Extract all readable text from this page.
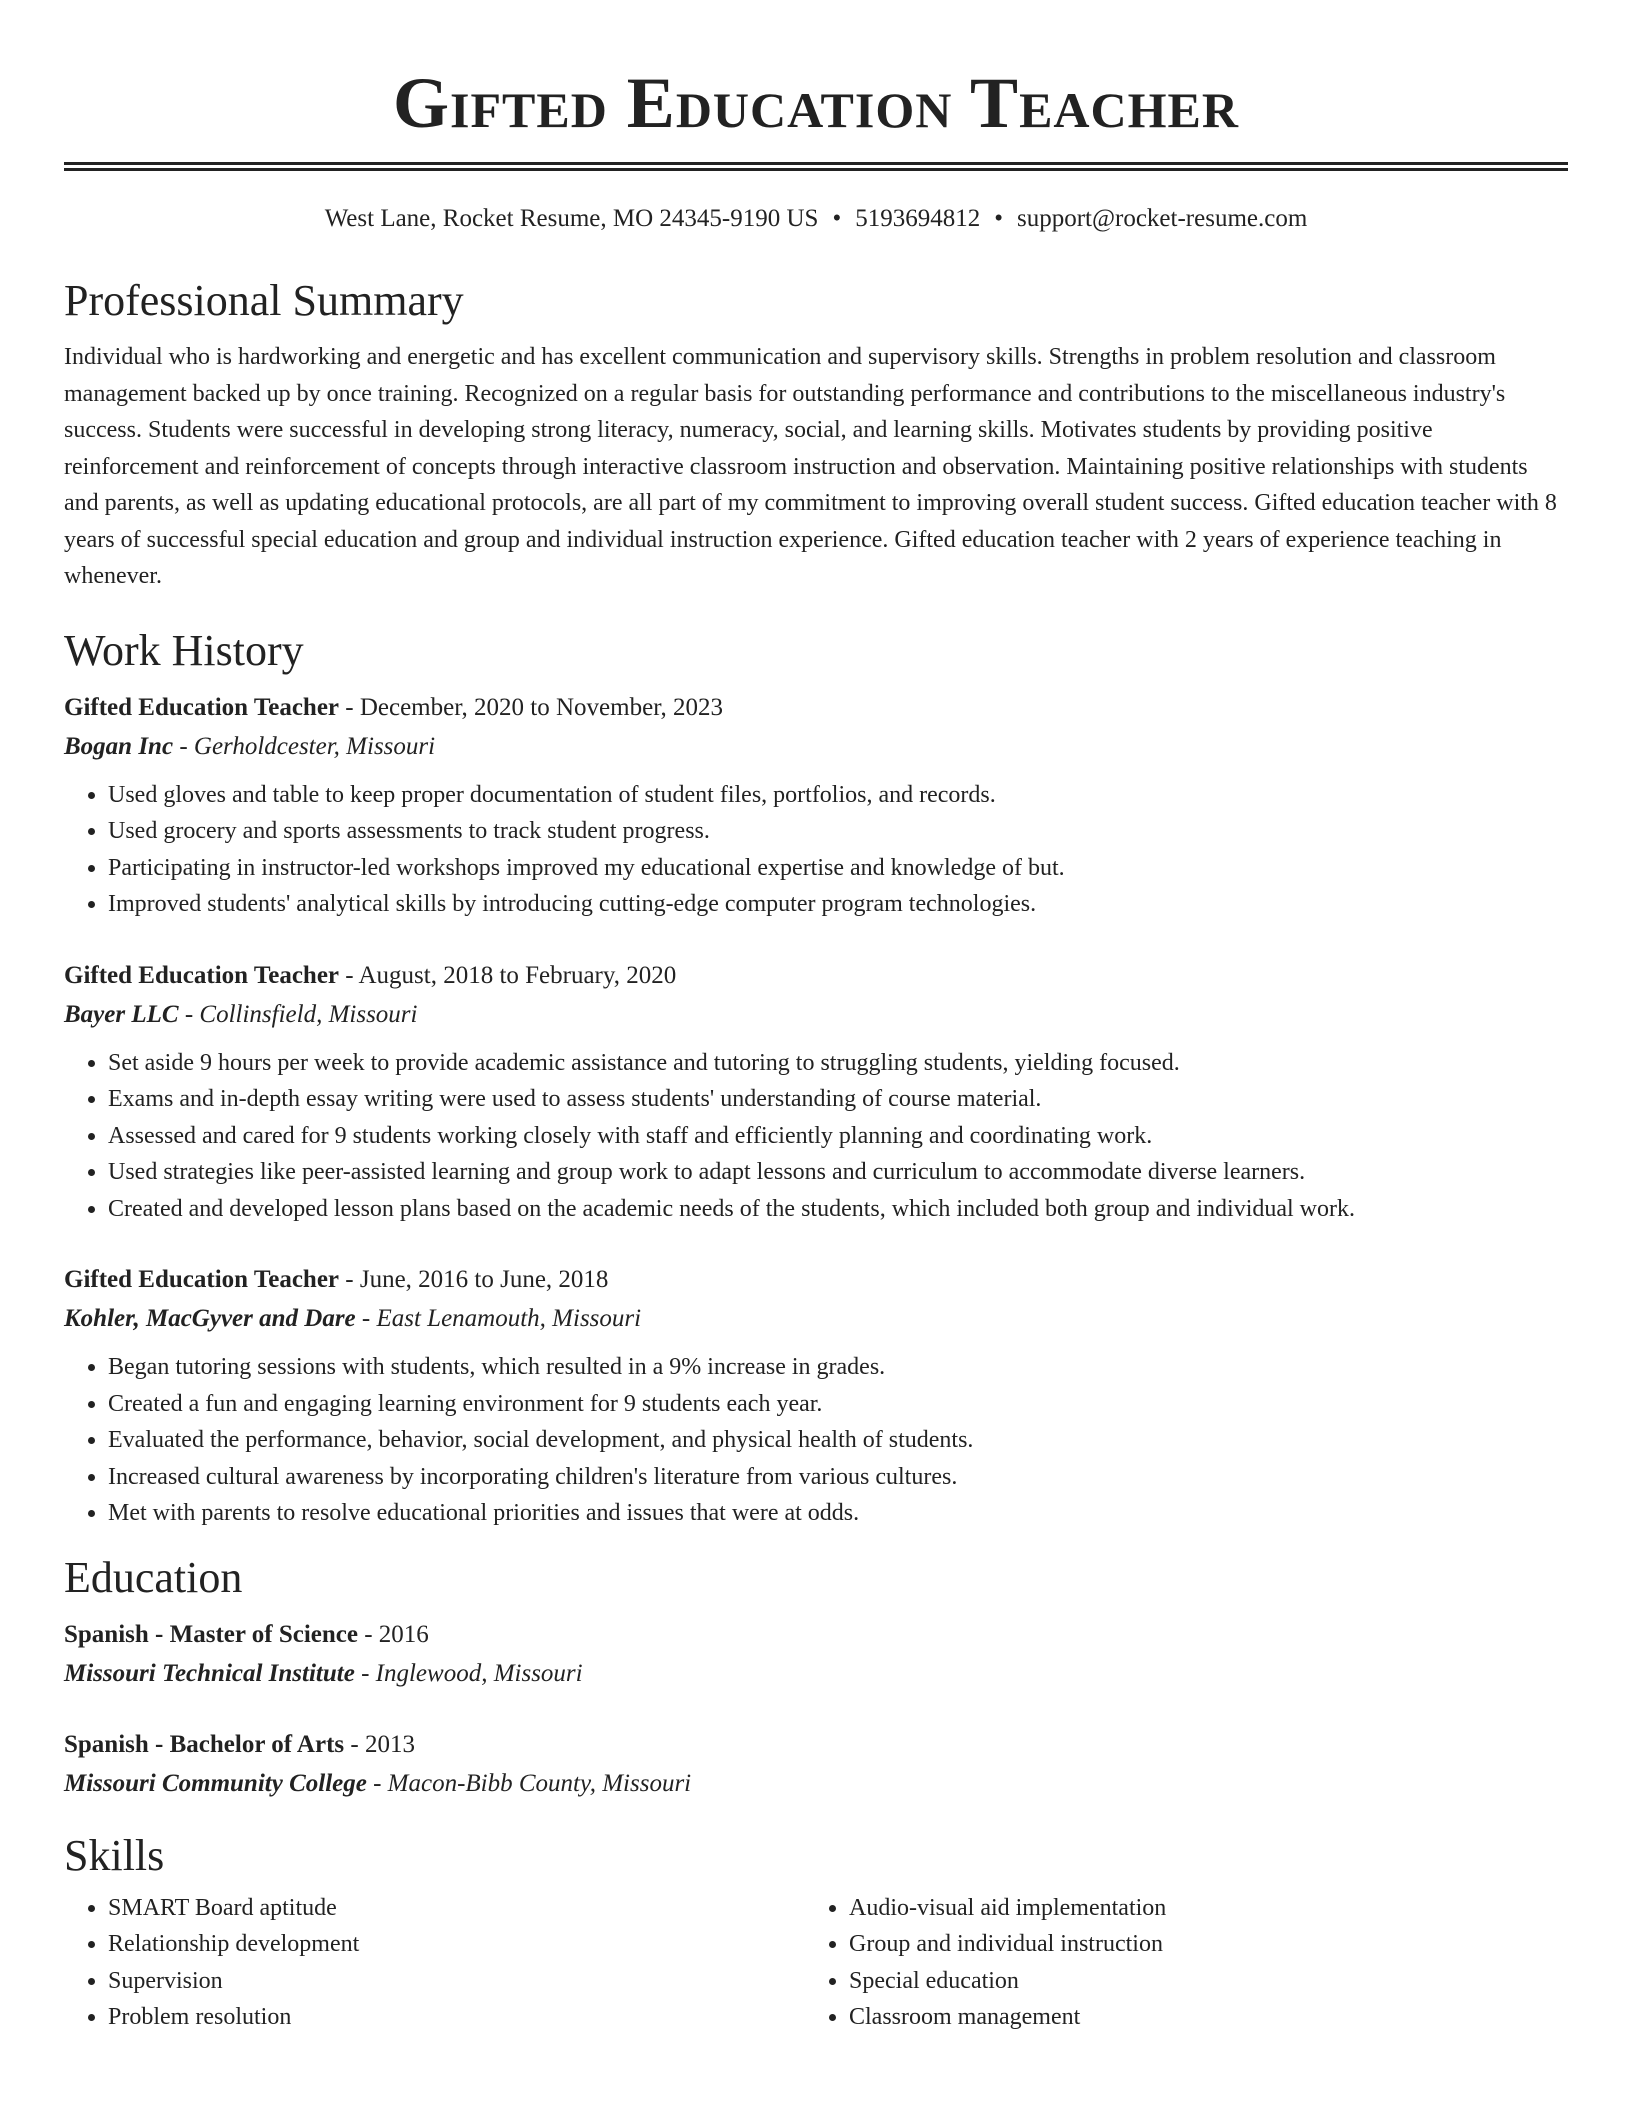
Gifted Education Teacher
West Lane, Rocket Resume, MO 24345-9190 US • 5193694812 • support@rocket-resume.com
Professional Summary

Individual who is hardworking and energetic and has excellent communication and supervisory skills. Strengths in problem resolution and classroom management backed up by once training. Recognized on a regular basis for outstanding performance and contributions to the miscellaneous industry's success. Students were successful in developing strong literacy, numeracy, social, and learning skills. Motivates students by providing positive reinforcement and reinforcement of concepts through interactive classroom instruction and observation. Maintaining positive relationships with students and parents, as well as updating educational protocols, are all part of my commitment to improving overall student success. Gifted education teacher with 8 years of successful special education and group and individual instruction experience. Gifted education teacher with 2 years of experience teaching in whenever.

Work History
Gifted Education Teacher - December, 2020 to November, 2023
Bogan Inc - Gerholdcester, Missouri
• Used gloves and table to keep proper documentation of student files, portfolios, and records.
• Used grocery and sports assessments to track student progress.
• Participating in instructor-led workshops improved my educational expertise and knowledge of but.
• Improved students' analytical skills by introducing cutting-edge computer program technologies.
Gifted Education Teacher - August, 2018 to February, 2020
Bayer LLC - Collinsfield, Missouri
• Set aside 9 hours per week to provide academic assistance and tutoring to struggling students, yielding focused.
• Exams and in-depth essay writing were used to assess students' understanding of course material.
• Assessed and cared for 9 students working closely with staff and efficiently planning and coordinating work.
• Used strategies like peer-assisted learning and group work to adapt lessons and curriculum to accommodate diverse learners.
• Created and developed lesson plans based on the academic needs of the students, which included both group and individual work.
Gifted Education Teacher - June, 2016 to June, 2018
Kohler, MacGyver and Dare - East Lenamouth, Missouri
• Began tutoring sessions with students, which resulted in a 9% increase in grades.
• Created a fun and engaging learning environment for 9 students each year.
• Evaluated the performance, behavior, social development, and physical health of students.
• Increased cultural awareness by incorporating children's literature from various cultures.
• Met with parents to resolve educational priorities and issues that were at odds.
Education
Spanish - Master of Science - 2016
Missouri Technical Institute - Inglewood, Missouri
Spanish - Bachelor of Arts - 2013
Missouri Community College - Macon-Bibb County, Missouri
Skills
• SMART Board aptitude
• Relationship development
• Supervision
• Problem resolution
• Audio-visual aid implementation
• Group and individual instruction
• Special education
• Classroom management
